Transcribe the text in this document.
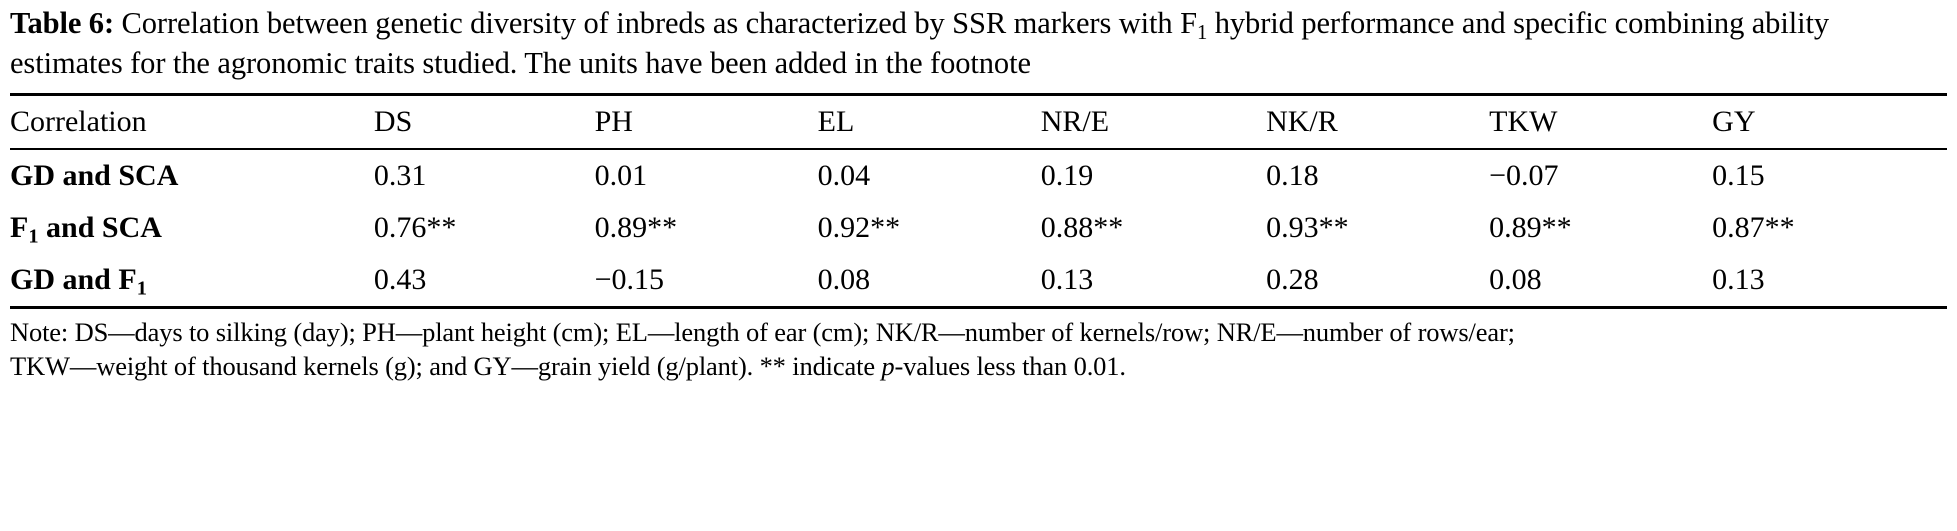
Table 6: Correlation between genetic diversity of inbreds as characterized by SSR markers with $F_1$ hybrid performance and specific combining ability estimates for the agronomic traits studied. The units have been added in the footnote
Correlation	DS	PH	EL	NR/E	NK/R	TKW	GY
GD and SCA	0.31	0.01	0.04	0.19	0.18	−0.07	0.15
$F_1$ and SCA	0.76**	0.89**	0.92**	0.88**	0.93**	0.89**	0.87**
GD and $F_1$	0.43	−0.15	0.08	0.13	0.28	0.08	0.13

Note: DS—days to silking (day); PH—plant height (cm); EL—length of ear (cm); NK/R—number of kernels/row; NR/E—number of rows/ear;
TKW—weight of thousand kernels (g); and GY—grain yield (g/plant). ** indicate p-values less than 0.01.
